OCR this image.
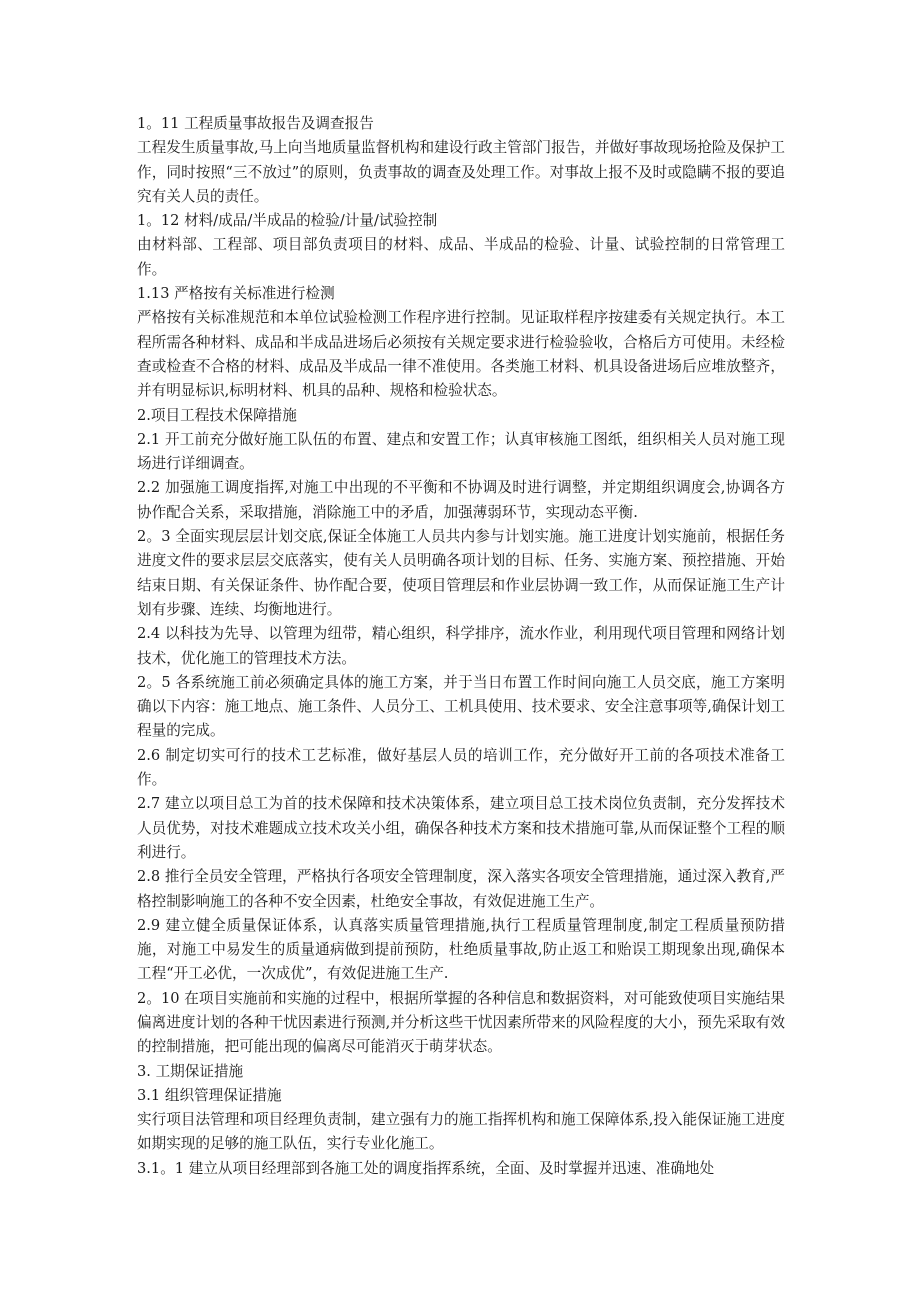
1。11 工程质量事故报告及调查报告

工程发生质量事故,马上向当地质量监督机构和建设行政主管部门报告，并做好事故现场抢险及保护工作，同时按照“三不放过”的原则，负责事故的调查及处理工作。对事故上报不及时或隐瞒不报的要追究有关人员的责任。

1。12 材料/成品/半成品的检验/计量/试验控制

由材料部、工程部、项目部负责项目的材料、成品、半成品的检验、计量、试验控制的日常管理工作。

1.13 严格按有关标准进行检测

严格按有关标准规范和本单位试验检测工作程序进行控制。见证取样程序按建委有关规定执行。本工程所需各种材料、成品和半成品进场后必须按有关规定要求进行检验验收，合格后方可使用。未经检查或检查不合格的材料、成品及半成品一律不准使用。各类施工材料、机具设备进场后应堆放整齐，并有明显标识,标明材料、机具的品种、规格和检验状态。

2.项目工程技术保障措施

2.1 开工前充分做好施工队伍的布置、建点和安置工作；认真审核施工图纸，组织相关人员对施工现场进行详细调查。

2.2 加强施工调度指挥,对施工中出现的不平衡和不协调及时进行调整，并定期组织调度会,协调各方协作配合关系，采取措施，消除施工中的矛盾，加强薄弱环节，实现动态平衡.

2。3 全面实现层层计划交底,保证全体施工人员共内参与计划实施。施工进度计划实施前，根据任务进度文件的要求层层交底落实，使有关人员明确各项计划的目标、任务、实施方案、预控措施、开始结束日期、有关保证条件、协作配合要，使项目管理层和作业层协调一致工作，从而保证施工生产计划有步骤、连续、均衡地进行。

2.4 以科技为先导、以管理为纽带，精心组织，科学排序，流水作业，利用现代项目管理和网络计划技术，优化施工的管理技术方法。

2。5 各系统施工前必须确定具体的施工方案，并于当日布置工作时间向施工人员交底，施工方案明确以下内容：施工地点、施工条件、人员分工、工机具使用、技术要求、安全注意事项等,确保计划工程量的完成。

2.6 制定切实可行的技术工艺标准，做好基层人员的培训工作，充分做好开工前的各项技术准备工作。

2.7 建立以项目总工为首的技术保障和技术决策体系，建立项目总工技术岗位负责制，充分发挥技术人员优势，对技术难题成立技术攻关小组，确保各种技术方案和技术措施可靠,从而保证整个工程的顺利进行。

2.8 推行全员安全管理，严格执行各项安全管理制度，深入落实各项安全管理措施，通过深入教育,严格控制影响施工的各种不安全因素，杜绝安全事故，有效促进施工生产。

2.9 建立健全质量保证体系，认真落实质量管理措施,执行工程质量管理制度,制定工程质量预防措施，对施工中易发生的质量通病做到提前预防，杜绝质量事故,防止返工和贻误工期现象出现,确保本工程“开工必优，一次成优”，有效促进施工生产.

2。10 在项目实施前和实施的过程中，根据所掌握的各种信息和数据资料，对可能致使项目实施结果偏离进度计划的各种干忧因素进行预测,并分析这些干忧因素所带来的风险程度的大小，预先采取有效的控制措施，把可能出现的偏离尽可能消灭于萌芽状态。

3. 工期保证措施

3.1 组织管理保证措施

实行项目法管理和项目经理负责制，建立强有力的施工指挥机构和施工保障体系,投入能保证施工进度如期实现的足够的施工队伍，实行专业化施工。

3.1。1 建立从项目经理部到各施工处的调度指挥系统，全面、及时掌握并迅速、准确地处
